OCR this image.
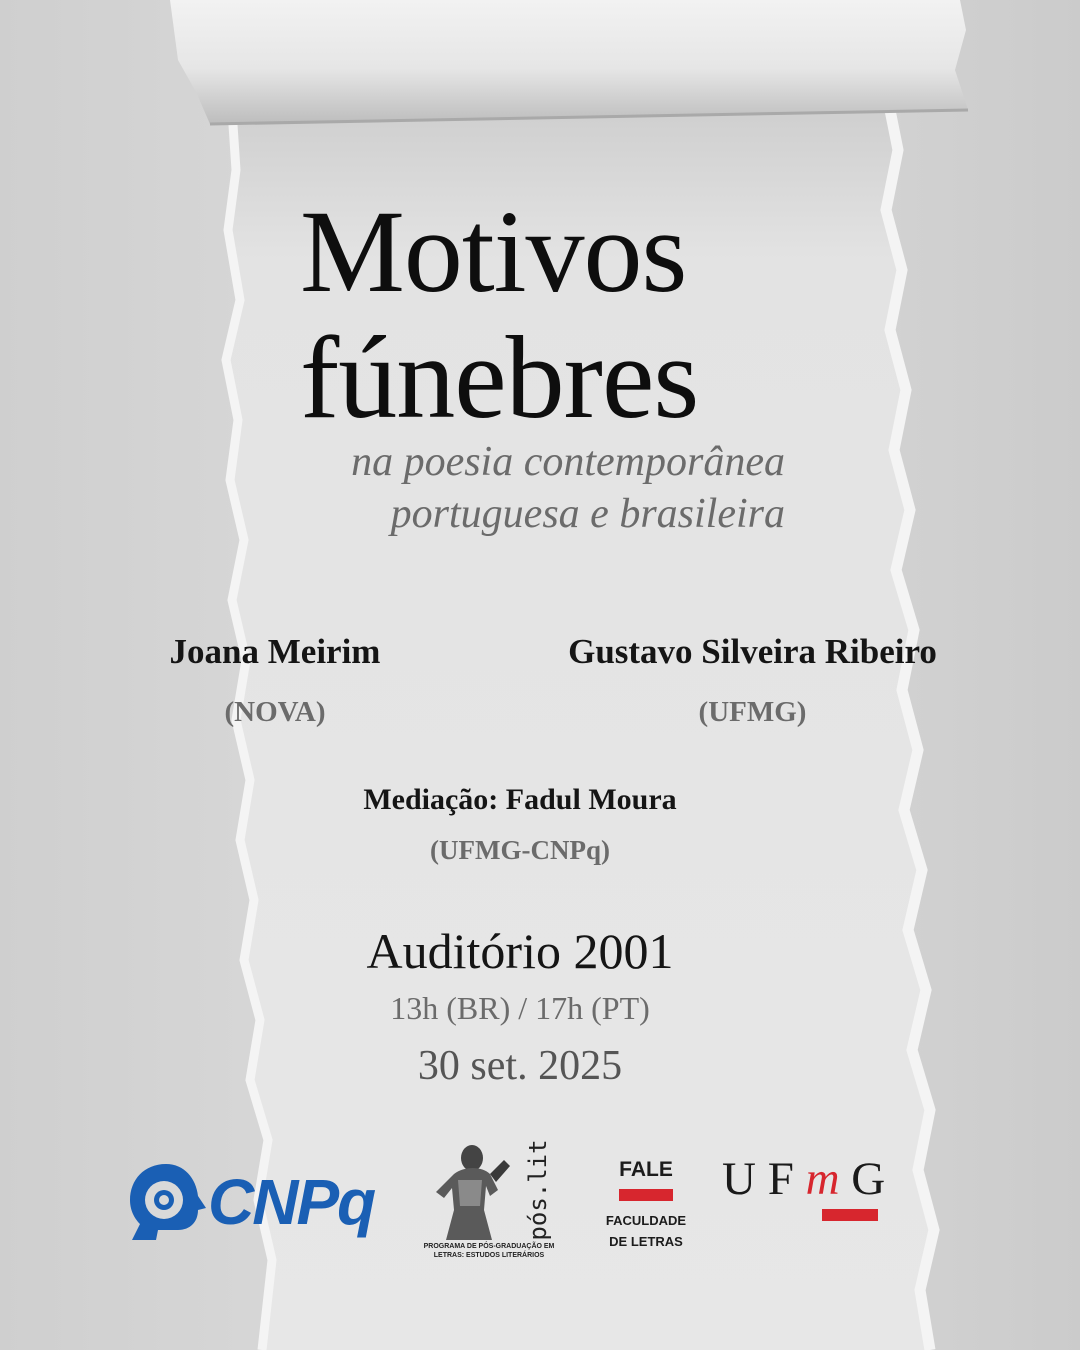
Motivos
fúnebres
na poesia contemporânea
portuguesa e brasileira
Joana Meirim
(NOVA)
Gustavo Silveira Ribeiro
(UFMG)
Mediação: Fadul Moura
(UFMG-CNPq)
Auditório 2001
13h (BR) / 17h (PT)
30 set. 2025
CNPq	pós.lit
PROGRAMA DE PÓS-GRADUAÇÃO EM LETRAS: ESTUDOS LITERÁRIOS
FALE
FACULDADE
DE LETRAS
U F m G
